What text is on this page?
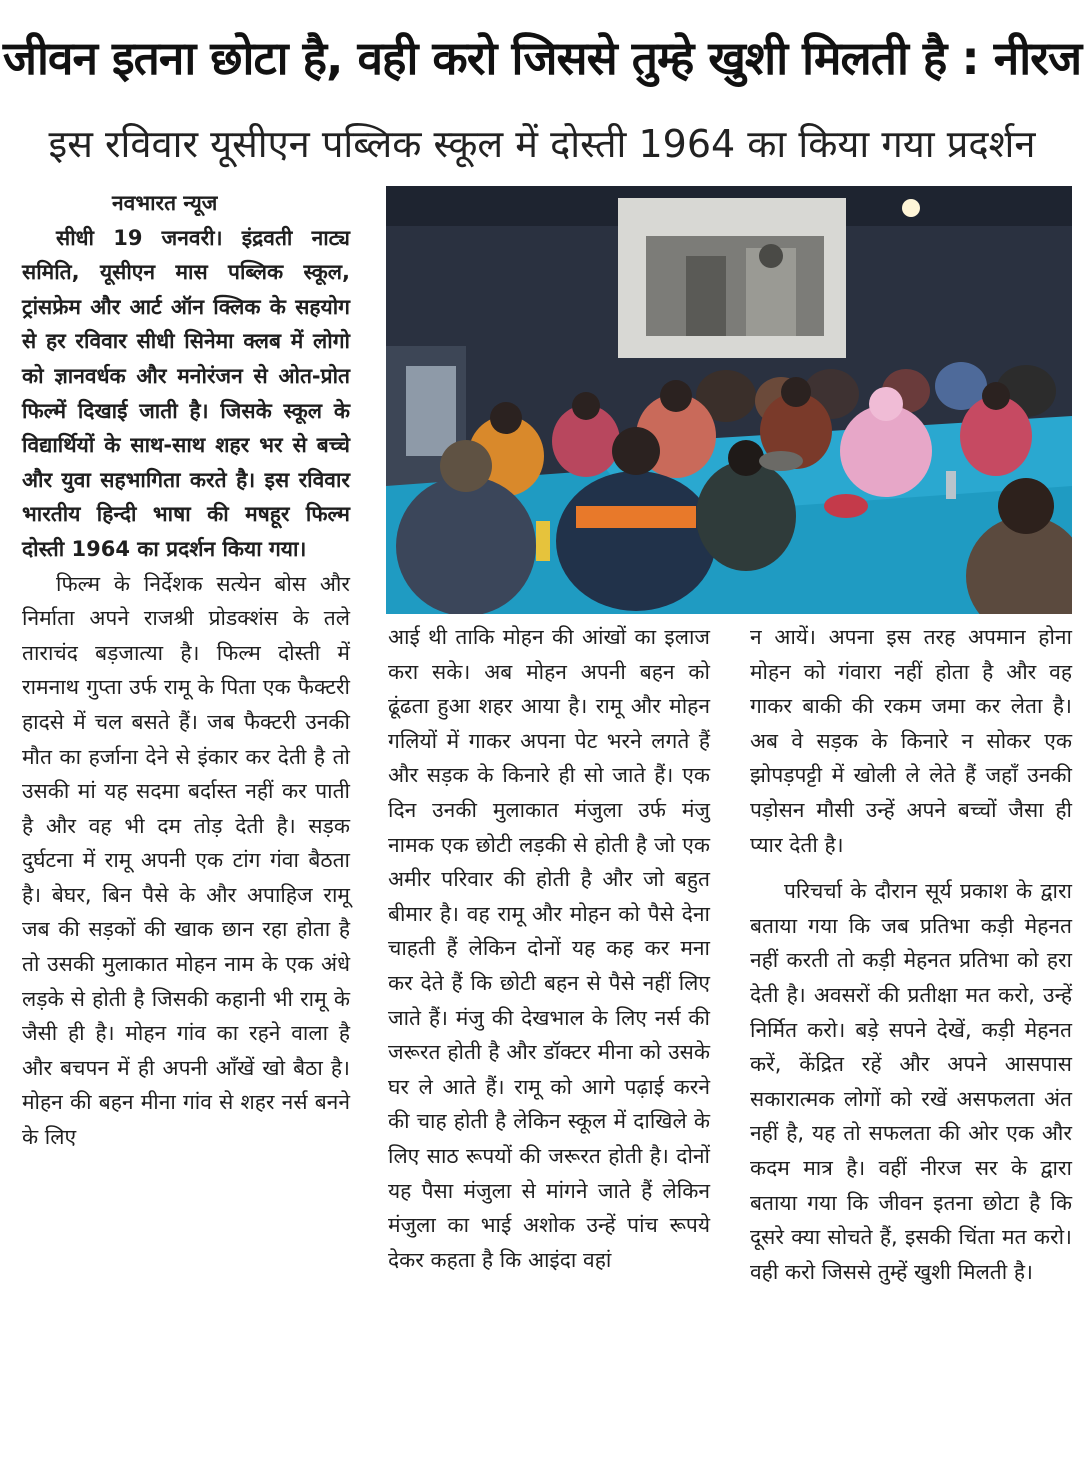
जीवन इतना छोटा है, वही करो जिससे तुम्हे खुशी मिलती है : नीरज
इस रविवार यूसीएन पब्लिक स्कूल में दोस्ती 1964 का किया गया प्रदर्शन

नवभारत न्यूज

सीधी 19 जनवरी। इंद्रवती नाट्य समिति, यूसीएन मास पब्लिक स्कूल, ट्रांसफ्रेम और आर्ट ऑन क्लिक के सहयोग से हर रविवार सीधी सिनेमा क्लब में लोगो को ज्ञानवर्धक और मनोरंजन से ओत-प्रोत फिल्में दिखाई जाती है। जिसके स्कूल के विद्यार्थियों के साथ-साथ शहर भर से बच्चे और युवा सहभागिता करते है। इस रविवार भारतीय हिन्दी भाषा की मषहूर फिल्म दोस्ती 1964 का प्रदर्शन किया गया।

फिल्म के निर्देशक सत्येन बोस और निर्माता अपने राजश्री प्रोडक्शंस के तले ताराचंद बड़जात्या है। फिल्म दोस्ती में रामनाथ गुप्ता उर्फ रामू के पिता एक फैक्टरी हादसे में चल बसते हैं। जब फैक्टरी उनकी मौत का हर्जाना देने से इंकार कर देती है तो उसकी मां यह सदमा बर्दास्त नहीं कर पाती है और वह भी दम तोड़ देती है। सड़क दुर्घटना में रामू अपनी एक टांग गंवा बैठता है। बेघर, बिन पैसे के और अपाहिज रामू जब की सड़कों की खाक छान रहा होता है तो उसकी मुलाकात मोहन नाम के एक अंधे लड़के से होती है जिसकी कहानी भी रामू के जैसी ही है। मोहन गांव का रहने वाला है और बचपन में ही अपनी आँखें खो बैठा है। मोहन की बहन मीना गांव से शहर नर्स बनने के लिए

आई थी ताकि मोहन की आंखों का इलाज करा सके। अब मोहन अपनी बहन को ढूंढता हुआ शहर आया है। रामू और मोहन गलियों में गाकर अपना पेट भरने लगते हैं और सड़क के किनारे ही सो जाते हैं। एक दिन उनकी मुलाकात मंजुला उर्फ मंजु नामक एक छोटी लड़की से होती है जो एक अमीर परिवार की होती है और जो बहुत बीमार है। वह रामू और मोहन को पैसे देना चाहती हैं लेकिन दोनों यह कह कर मना कर देते हैं कि छोटी बहन से पैसे नहीं लिए जाते हैं। मंजु की देखभाल के लिए नर्स की जरूरत होती है और डॉक्टर मीना को उसके घर ले आते हैं। रामू को आगे पढ़ाई करने की चाह होती है लेकिन स्कूल में दाखिले के लिए साठ रूपयों की जरूरत होती है। दोनों यह पैसा मंजुला से मांगने जाते हैं लेकिन मंजुला का भाई अशोक उन्हें पांच रूपये देकर कहता है कि आइंदा वहां

न आयें। अपना इस तरह अपमान होना मोहन को गंवारा नहीं होता है और वह गाकर बाकी की रकम जमा कर लेता है। अब वे सड़क के किनारे न सोकर एक झोपड़पट्टी में खोली ले लेते हैं जहाँ उनकी पड़ोसन मौसी उन्हें अपने बच्चों जैसा ही प्यार देती है।

परिचर्चा के दौरान सूर्य प्रकाश के द्वारा बताया गया कि जब प्रतिभा कड़ी मेहनत नहीं करती तो कड़ी मेहनत प्रतिभा को हरा देती है। अवसरों की प्रतीक्षा मत करो, उन्हें निर्मित करो। बड़े सपने देखें, कड़ी मेहनत करें, केंद्रित रहें और अपने आसपास सकारात्मक लोगों को रखें असफलता अंत नहीं है, यह तो सफलता की ओर एक और कदम मात्र है। वहीं नीरज सर के द्वारा बताया गया कि जीवन इतना छोटा है कि दूसरे क्या सोचते हैं, इसकी चिंता मत करो। वही करो जिससे तुम्हें खुशी मिलती है।
